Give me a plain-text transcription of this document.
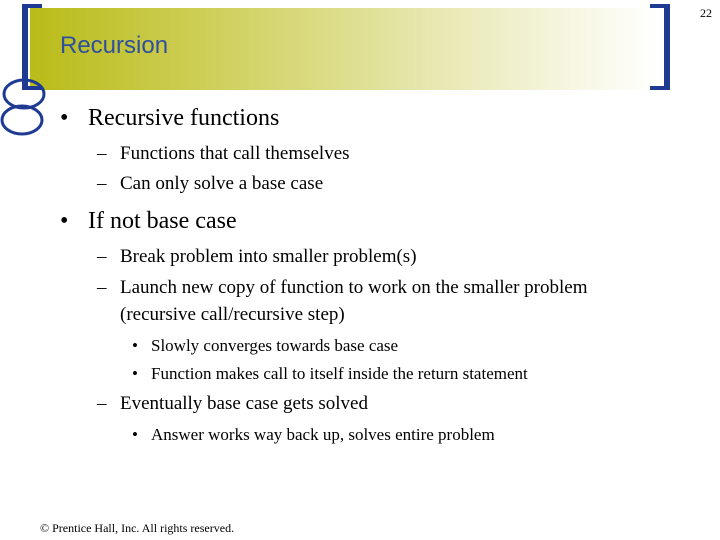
22
Recursion
• Recursive functions
– Functions that call themselves
– Can only solve a base case
• If not base case
– Break problem into smaller problem(s)
– Launch new copy of function to work on the smaller problem
(recursive call/recursive step)
• Slowly converges towards base case
• Function makes call to itself inside the return statement
– Eventually base case gets solved
• Answer works way back up, solves entire problem
© Prentice Hall, Inc. All rights reserved.
